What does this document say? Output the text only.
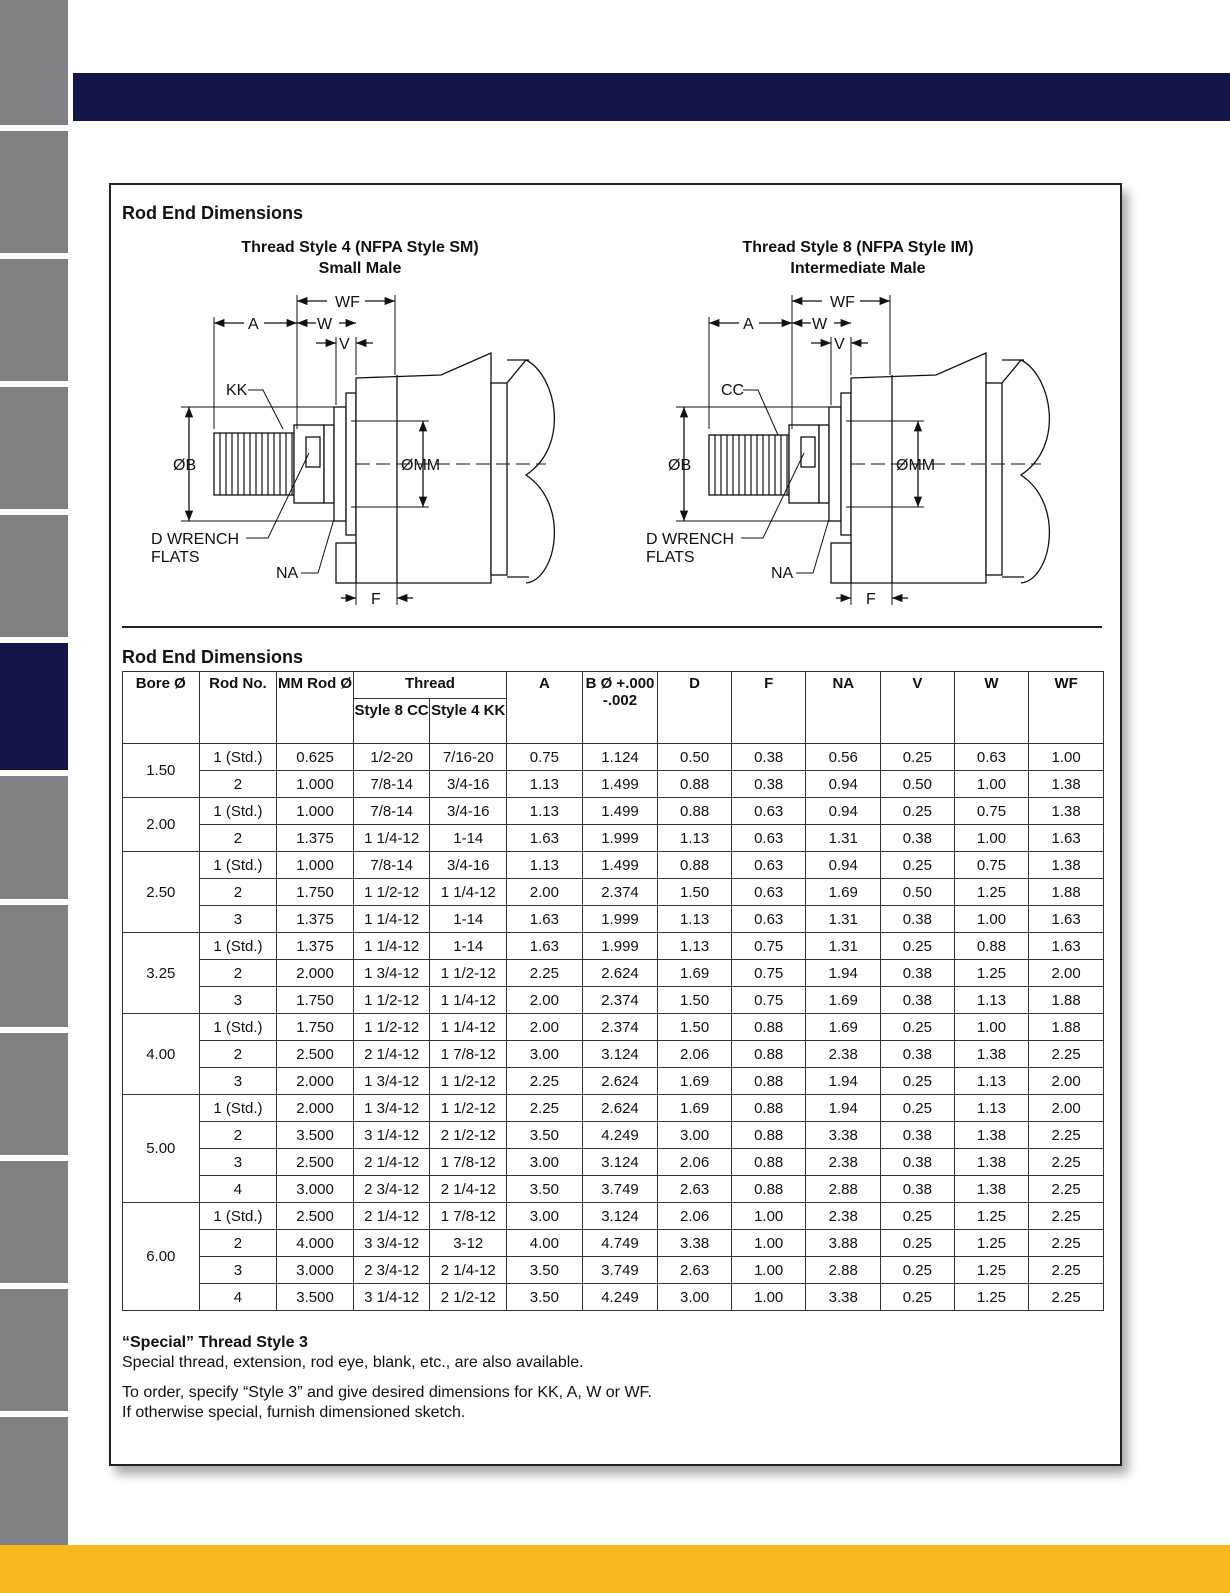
Rod End Dimensions
Thread Style 4 (NFPA Style SM)
Small Male
Thread Style 8 (NFPA Style IM)
Intermediate Male
WF
A	W
V
KK
ØB	ØMM
D WRENCH
FLATS
NA
F
WF
A	W
V
CC
ØB	ØMM
D WRENCH
FLATS
NA
F
Rod End Dimensions
Bore Ø	Rod No.	MM Rod Ø	Thread		A	B Ø +.000 -.002	D	F	NA	V	W	WF
			Style 8 CC	Style 4 KK								
1.50	1 (Std.)	0.625	1/2-20	7/16-20	0.75	1.124	0.50	0.38	0.56	0.25	0.63	1.00
	2	1.000	7/8-14	3/4-16	1.13	1.499	0.88	0.38	0.94	0.50	1.00	1.38
2.00	1 (Std.)	1.000	7/8-14	3/4-16	1.13	1.499	0.88	0.63	0.94	0.25	0.75	1.38
	2	1.375	1 1/4-12	1-14	1.63	1.999	1.13	0.63	1.31	0.38	1.00	1.63
2.50	1 (Std.)	1.000	7/8-14	3/4-16	1.13	1.499	0.88	0.63	0.94	0.25	0.75	1.38
	2	1.750	1 1/2-12	1 1/4-12	2.00	2.374	1.50	0.63	1.69	0.50	1.25	1.88
	3	1.375	1 1/4-12	1-14	1.63	1.999	1.13	0.63	1.31	0.38	1.00	1.63
3.25	1 (Std.)	1.375	1 1/4-12	1-14	1.63	1.999	1.13	0.75	1.31	0.25	0.88	1.63
	2	2.000	1 3/4-12	1 1/2-12	2.25	2.624	1.69	0.75	1.94	0.38	1.25	2.00
	3	1.750	1 1/2-12	1 1/4-12	2.00	2.374	1.50	0.75	1.69	0.38	1.13	1.88
4.00	1 (Std.)	1.750	1 1/2-12	1 1/4-12	2.00	2.374	1.50	0.88	1.69	0.25	1.00	1.88
	2	2.500	2 1/4-12	1 7/8-12	3.00	3.124	2.06	0.88	2.38	0.38	1.38	2.25
	3	2.000	1 3/4-12	1 1/2-12	2.25	2.624	1.69	0.88	1.94	0.25	1.13	2.00
5.00	1 (Std.)	2.000	1 3/4-12	1 1/2-12	2.25	2.624	1.69	0.88	1.94	0.25	1.13	2.00
	2	3.500	3 1/4-12	2 1/2-12	3.50	4.249	3.00	0.88	3.38	0.38	1.38	2.25
	3	2.500	2 1/4-12	1 7/8-12	3.00	3.124	2.06	0.88	2.38	0.38	1.38	2.25
	4	3.000	2 3/4-12	2 1/4-12	3.50	3.749	2.63	0.88	2.88	0.38	1.38	2.25
6.00	1 (Std.)	2.500	2 1/4-12	1 7/8-12	3.00	3.124	2.06	1.00	2.38	0.25	1.25	2.25
	2	4.000	3 3/4-12	3-12	4.00	4.749	3.38	1.00	3.88	0.25	1.25	2.25
	3	3.000	2 3/4-12	2 1/4-12	3.50	3.749	2.63	1.00	2.88	0.25	1.25	2.25
	4	3.500	3 1/4-12	2 1/2-12	3.50	4.249	3.00	1.00	3.38	0.25	1.25	2.25

“Special” Thread Style 3

Special thread, extension, rod eye, blank, etc., are also available.

To order, specify “Style 3” and give desired dimensions for KK, A, W or WF.

If otherwise special, furnish dimensioned sketch.
